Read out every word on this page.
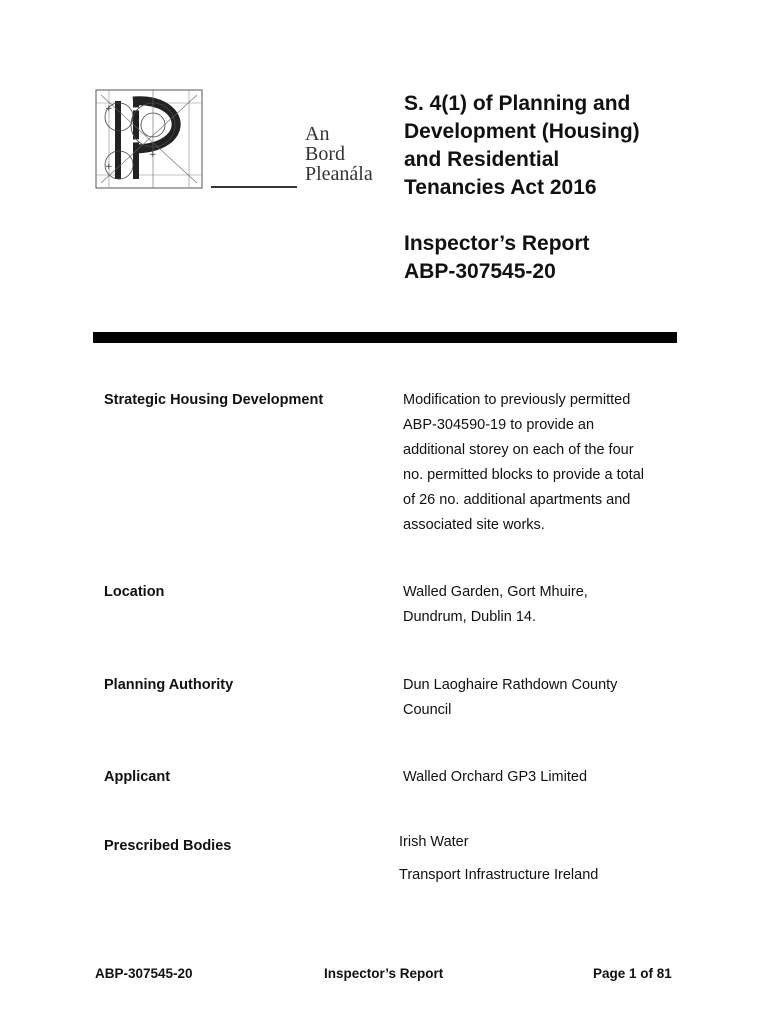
+
+
+
An
Bord
Pleanála
S. 4(1) of Planning and
Development (Housing)
and Residential
Tenancies Act 2016
Inspector’s Report
ABP-307545-20
Strategic Housing Development	Modification to previously permitted
ABP-304590-19 to provide an
additional storey on each of the four
no. permitted blocks to provide a total
of 26 no. additional apartments and
associated site works.
Location	Walled Garden, Gort Mhuire,
Dundrum, Dublin 14.
Planning Authority	Dun Laoghaire Rathdown County
Council
Applicant	Walled Orchard GP3 Limited
Prescribed Bodies	Irish Water
Transport Infrastructure Ireland
ABP-307545-20	Inspector’s Report	Page 1 of 81
